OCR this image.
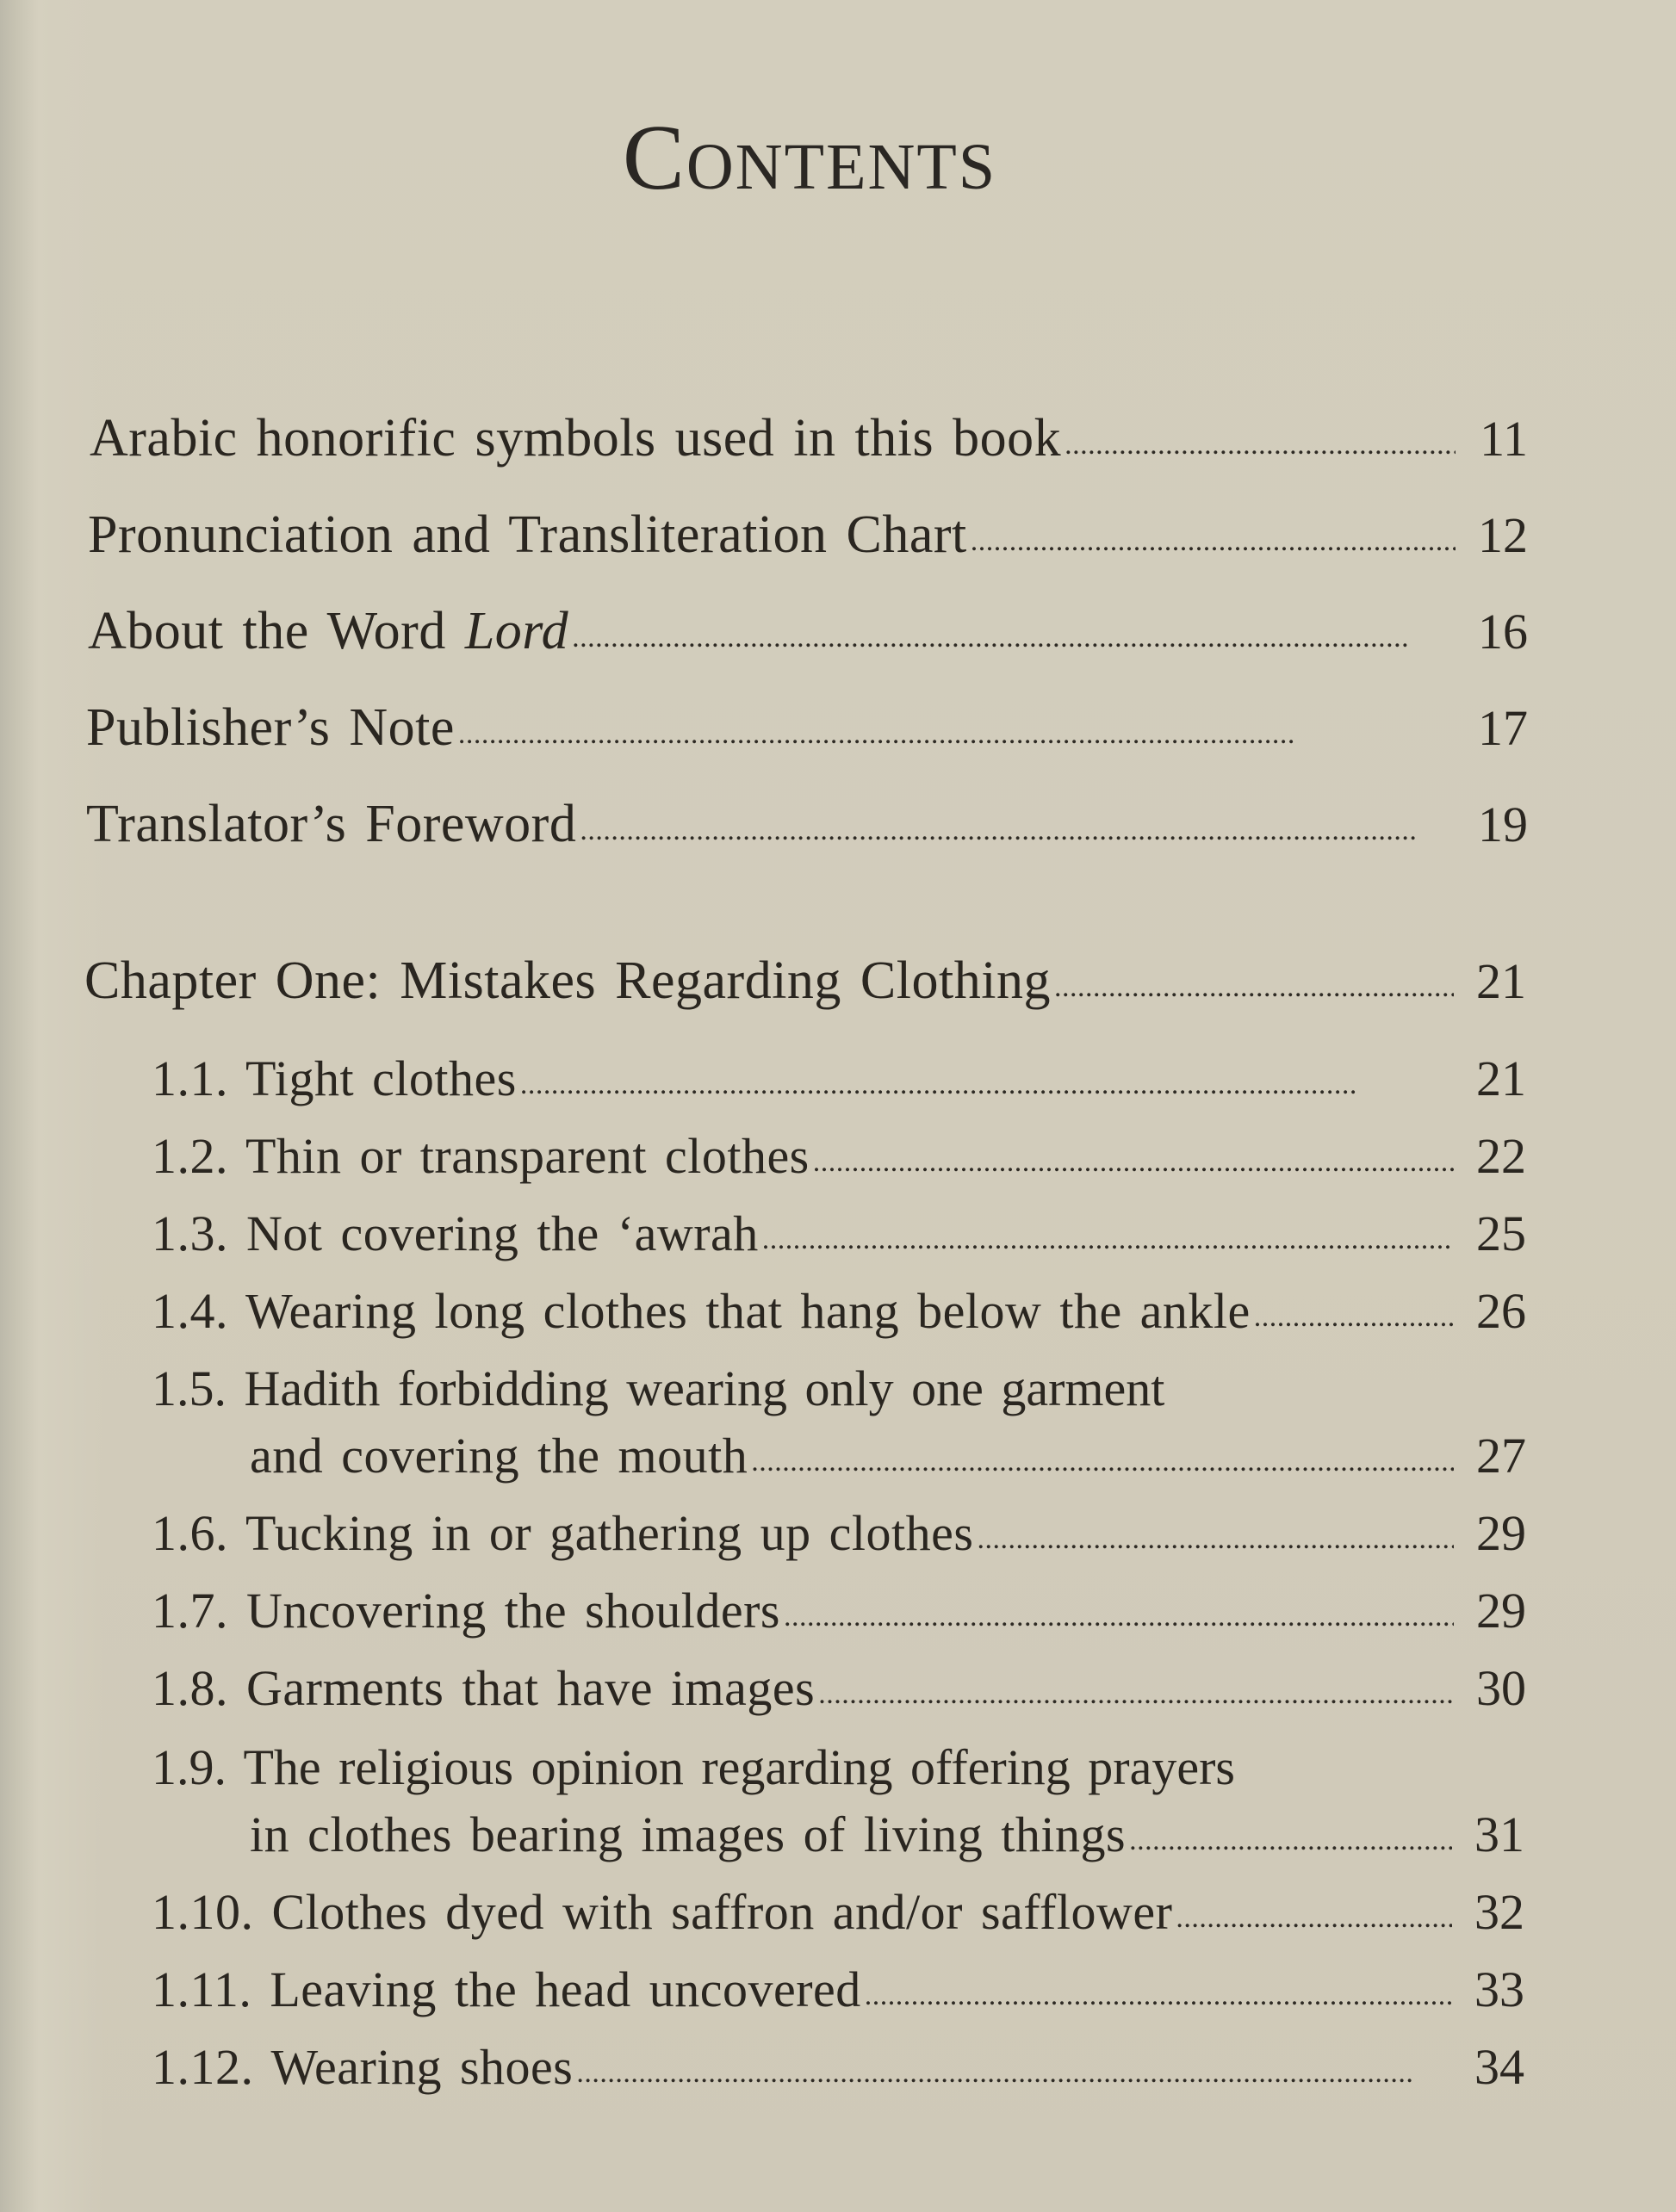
Contents
Arabic honorific symbols used in this book . . .	11
Pronunciation and Transliteration Chart . . .	12
About the Word Lord . . .	16
Publisher’s Note . . .	17
Translator’s Foreword . . .	19
Chapter One: Mistakes Regarding Clothing . . .	21
1.1. Tight clothes . . .	21
1.2. Thin or transparent clothes . . .	22
1.3. Not covering the ‘awrah . . .	25
1.4. Wearing long clothes that hang below the ankle . . .	26
1.5. Hadith forbidding wearing only one garment
and covering the mouth . . .	27
1.6. Tucking in or gathering up clothes . . .	29
1.7. Uncovering the shoulders . . .	29
1.8. Garments that have images . . .	30
1.9. The religious opinion regarding offering prayers
in clothes bearing images of living things . . .	31
1.10. Clothes dyed with saffron and/or safflower . . .	32
1.11. Leaving the head uncovered . . .	33
1.12. Wearing shoes . . .	34
